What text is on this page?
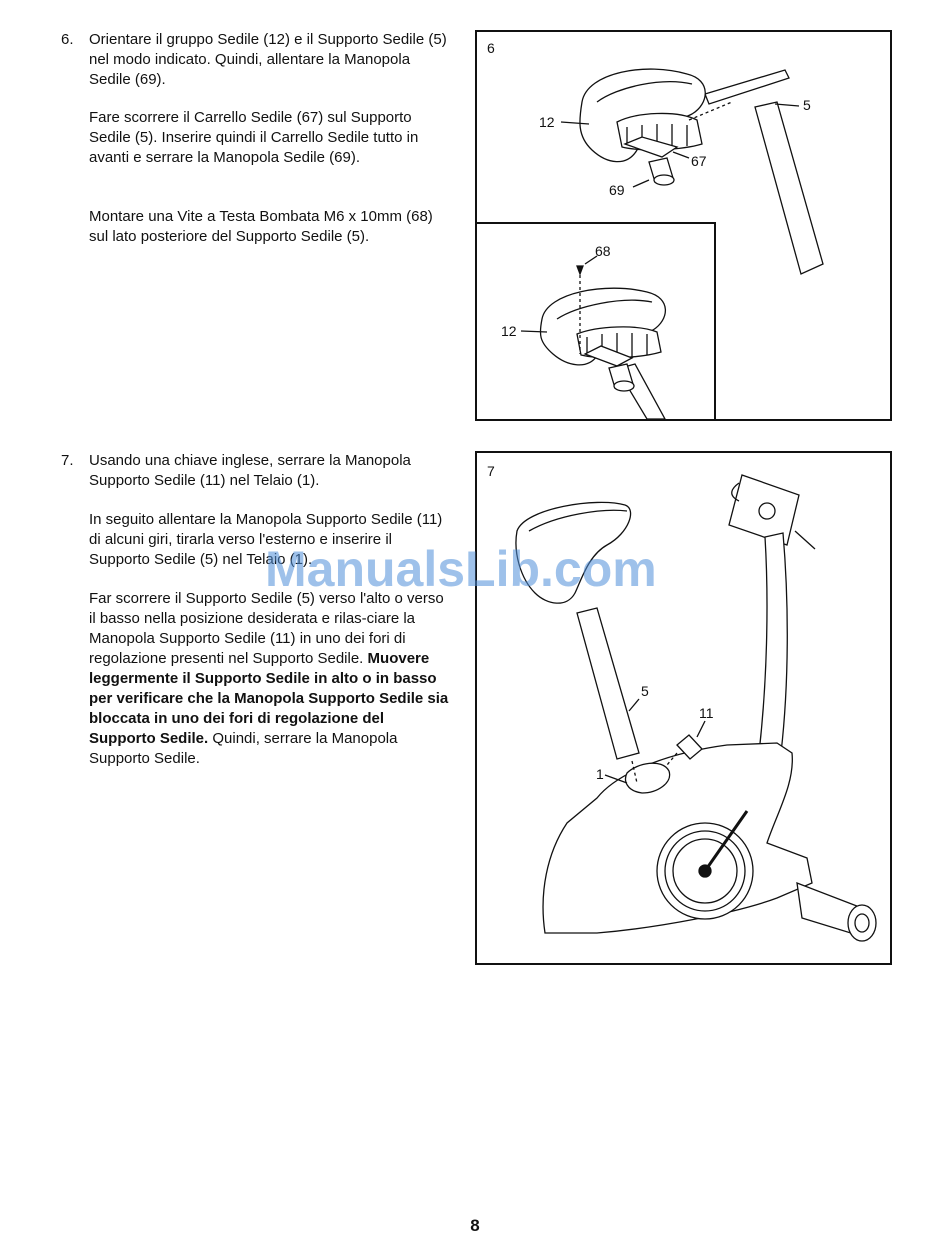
6. Orientare il gruppo Sedile (12) e il Supporto Sedile (5) nel modo indicato. Quindi, allentare la Manopola Sedile (69).

Fare scorrere il Carrello Sedile (67) sul Supporto Sedile (5). Inserire quindi il Carrello Sedile tutto in avanti e serrare la Manopola Sedile (69).

Montare una Vite a Testa Bombata M6 x 10mm (68) sul lato posteriore del Supporto Sedile (5).

6
12
5
67
69
68
12
7. Usando una chiave inglese, serrare la Manopola Supporto Sedile (11) nel Telaio (1).

In seguito allentare la Manopola Supporto Sedile (11) di alcuni giri, tirarla verso l'esterno e inserire il Supporto Sedile (5) nel Telaio (1).

Far scorrere il Supporto Sedile (5) verso l'alto o verso il basso nella posizione desiderata e rilas-ciare la Manopola Supporto Sedile (11) in uno dei fori di regolazione presenti nel Supporto Sedile. Muovere leggermente il Supporto Sedile in alto o in basso per verificare che la Manopola Supporto Sedile sia bloccata in uno dei fori di regolazione del Supporto Sedile. Quindi, serrare la Manopola Supporto Sedile.

7
5
11
1
ManualsLib.com
8
